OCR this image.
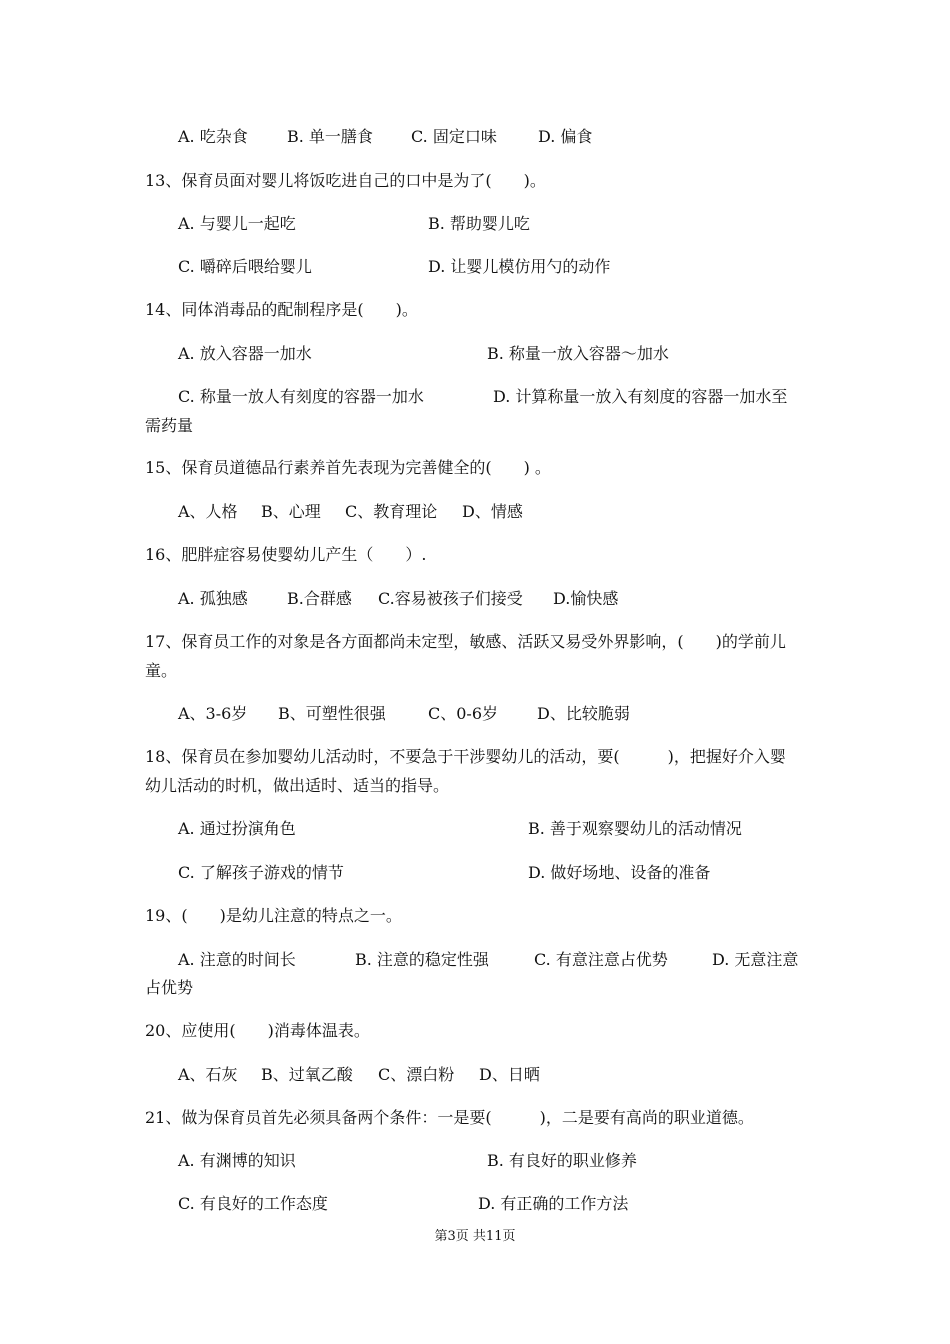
A. 吃杂食 B. 单一膳食 C. 固定口味	D. 偏食
13、保育员面对婴儿将饭吃进自己的口中是为了(　　)。
A. 与婴儿一起吃	B. 帮助婴儿吃
C. 嚼碎后喂给婴儿	D. 让婴儿模仿用勺的动作
14、同体消毒品的配制程序是(　　)。
A. 放入容器一加水	B. 称量一放入容器～加水
C. 称量一放人有刻度的容器一加水	D. 计算称量一放入有刻度的容器一加水至
需药量
15、保育员道德品行素养首先表现为完善健全的(　　) 。
A、人格 B、心理 C、教育理论 D、情感
16、肥胖症容易使婴幼儿产生（　　）.
A. 孤独感 B.合群感 C.容易被孩子们接受 D.愉快感
17、保育员工作的对象是各方面都尚未定型，敏感、活跃又易受外界影响，(　　)的学前儿
童。
A、3-6岁 B、可塑性很强	C、0-6岁 D、比较脆弱
18、保育员在参加婴幼儿活动时，不要急于干涉婴幼儿的活动，要(　　　)，把握好介入婴
幼儿活动的时机，做出适时、适当的指导。
A. 通过扮演角色	B. 善于观察婴幼儿的活动情况
C. 了解孩子游戏的情节	D. 做好场地、设备的准备
19、(　　)是幼儿注意的特点之一。
A. 注意的时间长	B. 注意的稳定性强	C. 有意注意占优势	D. 无意注意
占优势
20、应使用(　　)消毒体温表。
A、石灰 B、过氧乙酸 C、漂白粉 D、日晒
21、做为保育员首先必须具备两个条件：一是要(　　　)，二是要有高尚的职业道德。
A. 有渊博的知识	B. 有良好的职业修养
C. 有良好的工作态度	D. 有正确的工作方法
第3页 共11页
